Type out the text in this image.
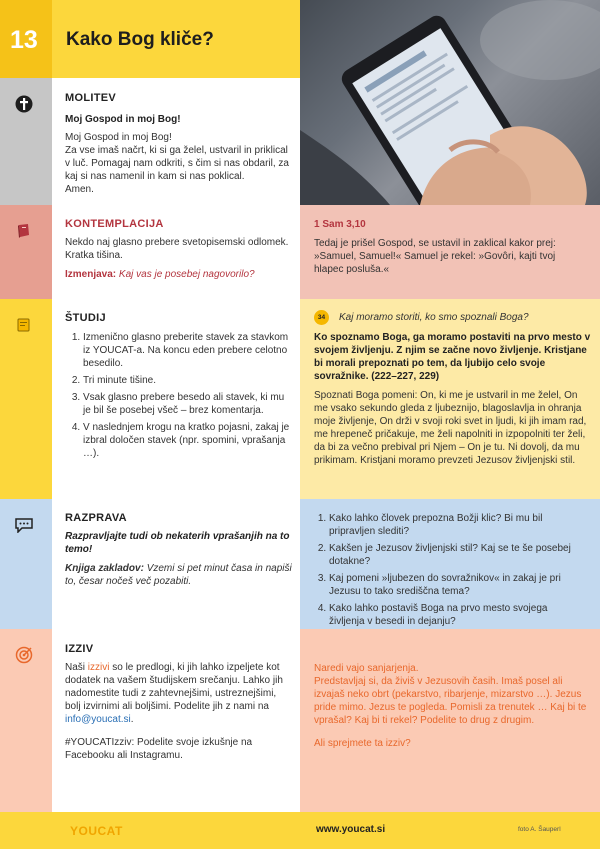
13	Kako Bog kliče?
MOLITEV
Moj Gospod in moj Bog!
Moj Gospod in moj Bog!
Za vse imaš načrt, ki si ga želel, ustvaril in priklical
v luč. Pomagaj nam odkriti, s čim si nas obdaril, za
kaj si nas namenil in kam si nas poklical.
Amen.
KONTEMPLACIJA
Nekdo naj glasno prebere svetopisemski odlomek.
Kratka tišina.
Izmenjava: Kaj vas je posebej nagovorilo?
1 Sam 3,10
Tedaj je prišel Gospod, se ustavil in zaklical kakor prej:
»Samuel, Samuel!« Samuel je rekel: »Govôri, kajti tvoj
hlapec posluša.«
ŠTUDIJ
1. Izmenično glasno preberite stavek za stavkom iz YOUCAT-a. Na koncu eden prebere celotno besedilo.
2. Tri minute tišine.
3. Vsak glasno prebere besedo ali stavek, ki mu je bil še posebej všeč – brez komentarja.
4. V naslednjem krogu na kratko pojasni, zakaj je izbral določen stavek (npr. spomini, vprašanja …).
34	Kaj moramo storiti, ko smo spoznali Boga?
Ko spoznamo Boga, ga moramo postaviti na prvo mesto v svojem življenju. Z njim se začne novo življenje. Kristjane bi morali prepoznati po tem, da ljubijo celo svoje sovražnike. (222–227, 229)
Spoznati Boga pomeni: On, ki me je ustvaril in me želel, On me vsako sekundo gleda z ljubeznijo, blagoslavlja in ohranja moje življenje, On drži v svoji roki svet in ljudi, ki jih imam rad, me hrepeneč pričakuje, me želi napolniti in izpopolniti ter želi, da bi za večno prebival pri Njem – On je tu. Ni dovolj, da mu prikimam. Kristjani moramo prevzeti Jezusov življenjski stil.
RAZPRAVA
Razpravljajte tudi ob nekaterih vprašanjih na to temo!
Knjiga zakladov: Vzemi si pet minut časa in napiši to, česar nočeš več pozabiti.
1. Kako lahko človek prepozna Božji klic? Bi mu bil pripravljen slediti?
2. Kakšen je Jezusov življenjski stil? Kaj se te še posebej dotakne?
3. Kaj pomeni »ljubezen do sovražnikov« in zakaj je pri Jezusu to tako središčna tema?
4. Kako lahko postaviš Boga na prvo mesto svojega življenja v besedi in dejanju?
IZZIV
Naši izzivi so le predlogi, ki jih lahko izpeljete kot dodatek na vašem študijskem srečanju. Lahko jih nadomestite tudi z zahtevnejšimi, ustreznejšimi, bolj izvirnimi ali boljšimi. Podelite jih z nami na info@youcat.si.
#YOUCATIzziv: Podelite svoje izkušnje na Facebooku ali Instagramu.
Naredi vajo sanjarjenja.
Predstavljaj si, da živiš v Jezusovih časih. Imaš posel ali izvajaš neko obrt (pekarstvo, ribarjenje, mizarstvo …). Jezus pride mimo. Jezus te pogleda. Pomisli za trenutek … Kaj bi te vprašal? Kaj bi ti rekel? Podelite to drug z drugim.
Ali sprejmete ta izziv?
YOUCAT	www.youcat.si	foto A. Šauperl
